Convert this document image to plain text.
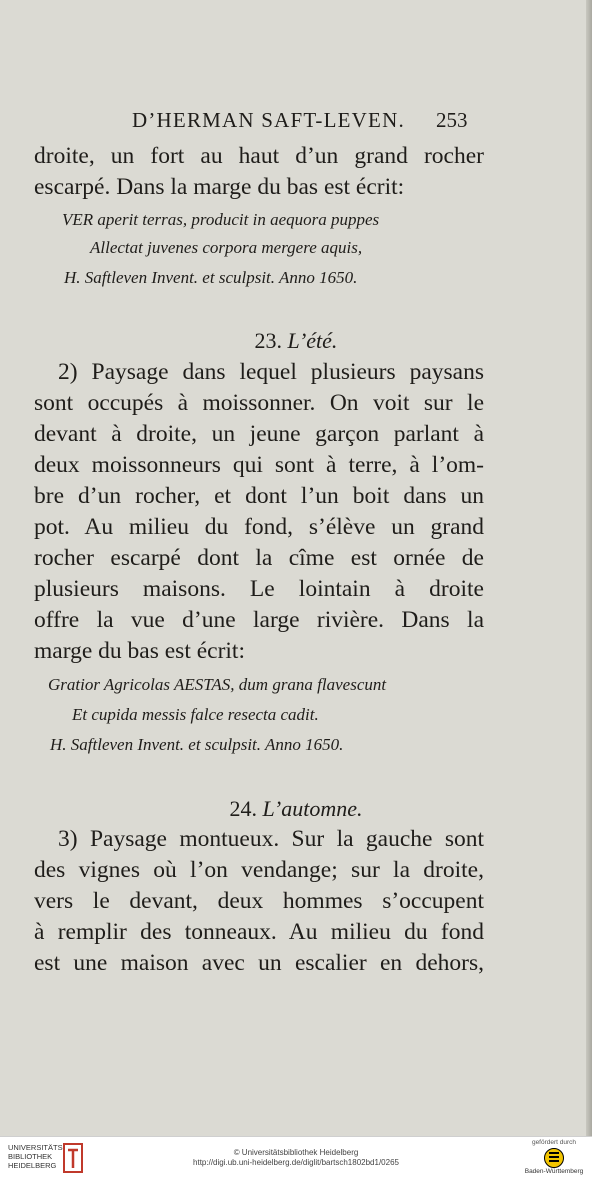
D’HERMAN SAFT-LEVEN. 253
droite, un fort au haut d’un grand rocher
escarpé. Dans la marge du bas est écrit:
VER aperit terras, producit in aequora puppes
Allectat juvenes corpora mergere aquis,
H. Saftleven Invent. et sculpsit. Anno 1650.
23. L’été.
2) Paysage dans lequel plusieurs paysans
sont occupés à moissonner. On voit sur le
devant à droite, un jeune garçon parlant à
deux moissonneurs qui sont à terre, à l’om-
bre d’un rocher, et dont l’un boit dans un
pot. Au milieu du fond, s’élève un grand
rocher escarpé dont la cîme est ornée de
plusieurs maisons. Le lointain à droite
offre la vue d’une large rivière. Dans la
marge du bas est écrit:
Gratior Agricolas AESTAS, dum grana flavescunt
Et cupida messis falce resecta cadit.
H. Saftleven Invent. et sculpsit. Anno 1650.
24. L’automne.
3) Paysage montueux. Sur la gauche sont
des vignes où l’on vendange; sur la droite,
vers le devant, deux hommes s’occupent
à remplir des tonneaux. Au milieu du fond
est une maison avec un escalier en dehors,
UNIVERSITÄTS-
BIBLIOTHEK
HEIDELBERG
© Universitätsbibliothek Heidelberg
http://digi.ub.uni-heidelberg.de/diglit/bartsch1802bd1/0265
gefördert durch
Baden-Württemberg
